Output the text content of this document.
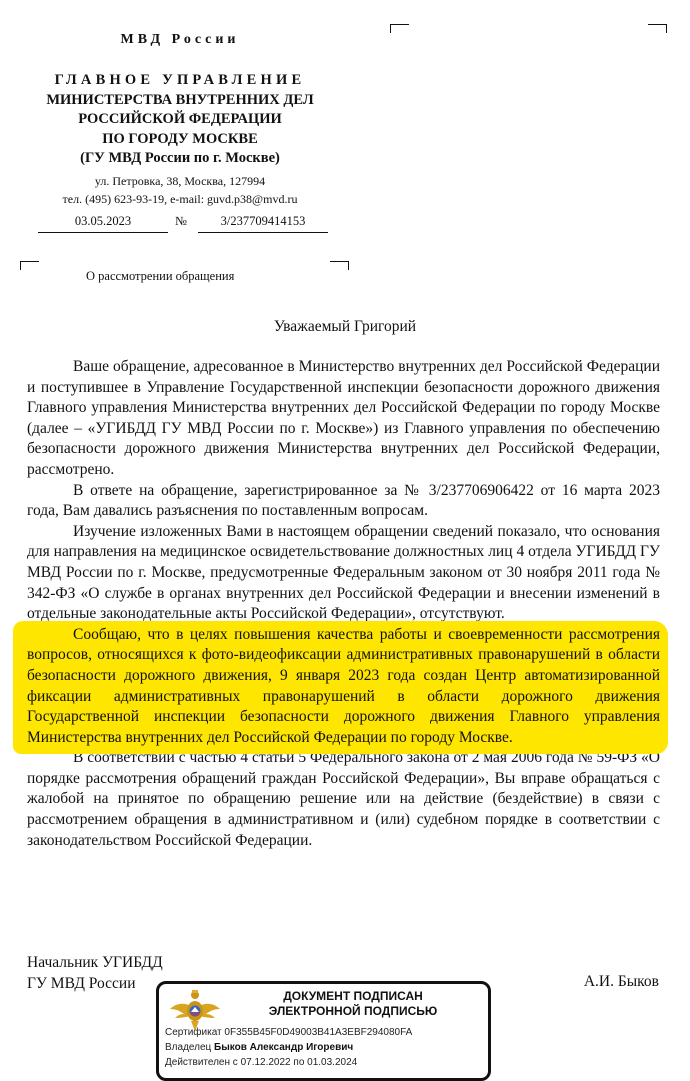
МВД России
ГЛАВНОЕ УПРАВЛЕНИЕ
МИНИСТЕРСТВА ВНУТРЕННИХ ДЕЛ
РОССИЙСКОЙ ФЕДЕРАЦИИ
ПО ГОРОДУ МОСКВЕ
(ГУ МВД России по г. Москве)
ул. Петровка, 38, Москва, 127994
тел. (495) 623-93-19, e-mail: guvd.p38@mvd.ru
03.05.2023	№	3/237709414153
О рассмотрении обращения
Уважаемый Григорий

Ваше обращение, адресованное в Министерство внутренних дел Российской Федерации и поступившее в Управление Государственной инспекции безопасности дорожного движения Главного управления Министерства внутренних дел Российской Федерации по городу Москве (далее – «УГИБДД ГУ МВД России по г. Москве») из Главного управления по обеспечению безопасности дорожного движения Министерства внутренних дел Российской Федерации, рассмотрено.

В ответе на обращение, зарегистрированное за № 3/237706906422 от 16 марта 2023 года, Вам давались разъяснения по поставленным вопросам.

Изучение изложенных Вами в настоящем обращении сведений показало, что основания для направления на медицинское освидетельствование должностных лиц 4 отдела УГИБДД ГУ МВД России по г. Москве, предусмотренные Федеральным законом от 30 ноября 2011 года № 342-ФЗ «О службе в органах внутренних дел Российской Федерации и внесении изменений в отдельные законодательные акты Российской Федерации», отсутствуют.

Сообщаю, что в целях повышения качества работы и своевременности рассмотрения вопросов, относящихся к фото-видеофиксации административных правонарушений в области безопасности дорожного движения, 9 января 2023 года создан Центр автоматизированной фиксации административных правонарушений в области дорожного движения Государственной инспекции безопасности дорожного движения Главного управления Министерства внутренних дел Российской Федерации по городу Москве.

В соответствии с частью 4 статьи 5 Федерального закона от 2 мая 2006 года № 59-ФЗ «О порядке рассмотрения обращений граждан Российской Федерации», Вы вправе обращаться с жалобой на принятое по обращению решение или на действие (бездействие) в связи с рассмотрением обращения в административном и (или) судебном порядке в соответствии с законодательством Российской Федерации.

Начальник УГИБДД
ГУ МВД России	А.И. Быков
ДОКУМЕНТ ПОДПИСАН
ЭЛЕКТРОННОЙ ПОДПИСЬЮ
Сертификат 0F355B45F0D49003B41A3EBF294080FA
Владелец Быков Александр Игоревич
Действителен с 07.12.2022 по 01.03.2024
